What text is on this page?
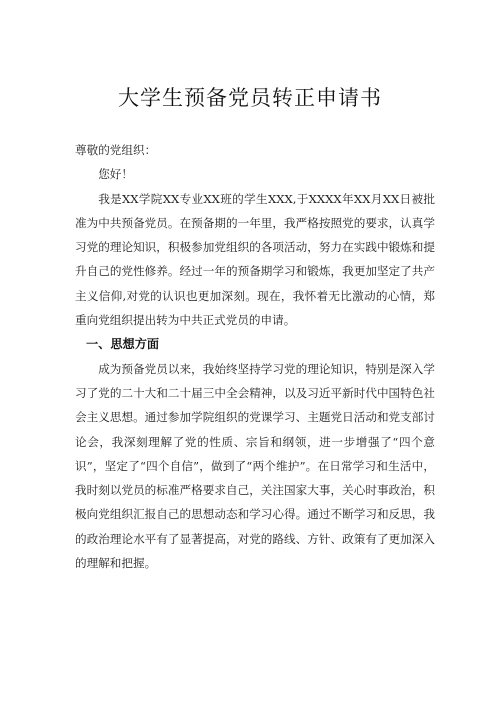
大学生预备党员转正申请书

尊敬的党组织：

您好！

我是XX学院XX专业XX班的学生XXX,于XXXX年XX月XX日被批准为中共预备党员。在预备期的一年里，我严格按照党的要求，认真学习党的理论知识，积极参加党组织的各项活动，努力在实践中锻炼和提升自己的党性修养。经过一年的预备期学习和锻炼，我更加坚定了共产主义信仰,对党的认识也更加深刻。现在，我怀着无比激动的心情，郑重向党组织提出转为中共正式党员的申请。

一、思想方面

成为预备党员以来，我始终坚持学习党的理论知识，特别是深入学习了党的二十大和二十届三中全会精神，以及习近平新时代中国特色社会主义思想。通过参加学院组织的党课学习、主题党日活动和党支部讨论会，我深刻理解了党的性质、宗旨和纲领，进一步增强了“四个意识”，坚定了“四个自信”，做到了“两个维护”。在日常学习和生活中，我时刻以党员的标准严格要求自己，关注国家大事，关心时事政治，积极向党组织汇报自己的思想动态和学习心得。通过不断学习和反思，我的政治理论水平有了显著提高，对党的路线、方针、政策有了更加深入的理解和把握。
